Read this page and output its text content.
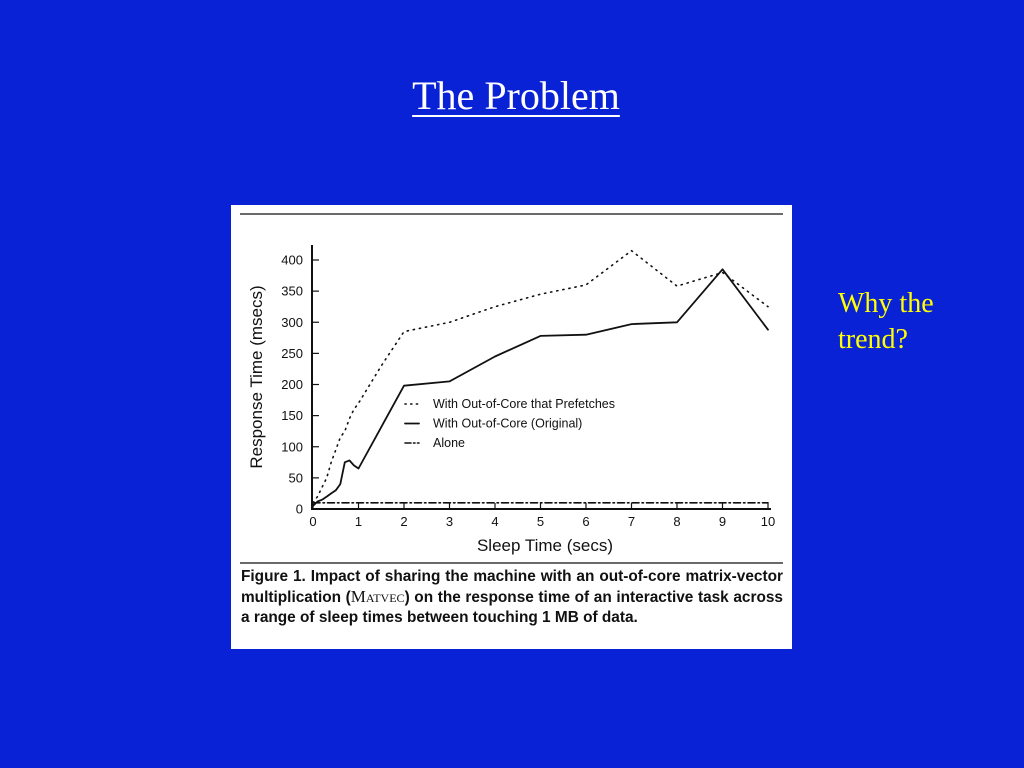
The Problem
Why the trend?
0
50
100
150
200
250
300
350
400
0	1	2	3	4	5	6	7	8	9	10
Response Time (msecs)
Sleep Time (secs)
With Out-of-Core that Prefetches
With Out-of-Core (Original)
Alone
Figure 1. Impact of sharing the machine with an out-of-core matrix-vector multiplication (Matvec) on the response time of an interactive task across a range of sleep times between touching 1 MB of data.
